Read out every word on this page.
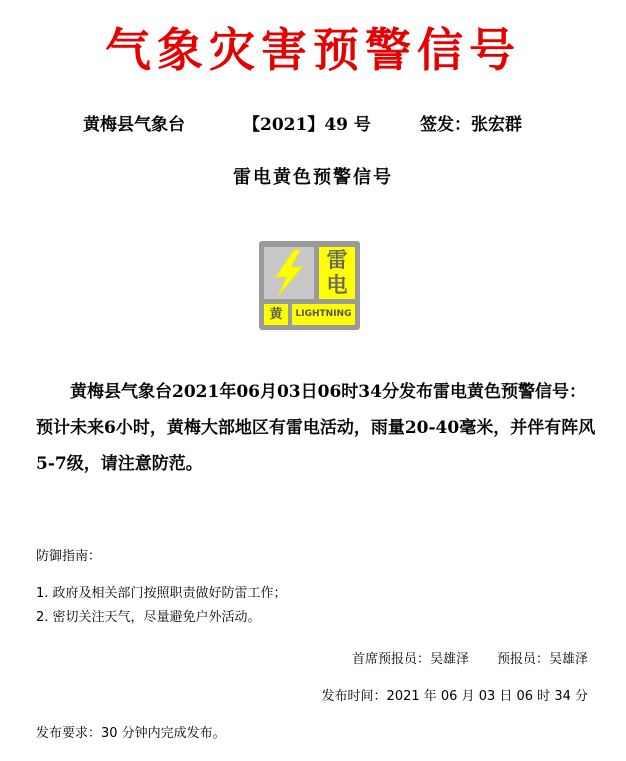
气象灾害预警信号
黄梅县气象台	【2021】49 号	签发：张宏群
雷电黄色预警信号
雷电
黄	LIGHTNING
黄梅县气象台2021年06月03日06时34分发布雷电黄色预警信号：预计未来6小时，黄梅大部地区有雷电活动，雨量20-40毫米，并伴有阵风5-7级，请注意防范。
防御指南：
1. 政府及相关部门按照职责做好防雷工作；
2. 密切关注天气，尽量避免户外活动。
首席预报员：吴雄泽 预报员：吴雄泽
发布时间：2021 年 06 月 03 日 06 时 34 分
发布要求：30 分钟内完成发布。
